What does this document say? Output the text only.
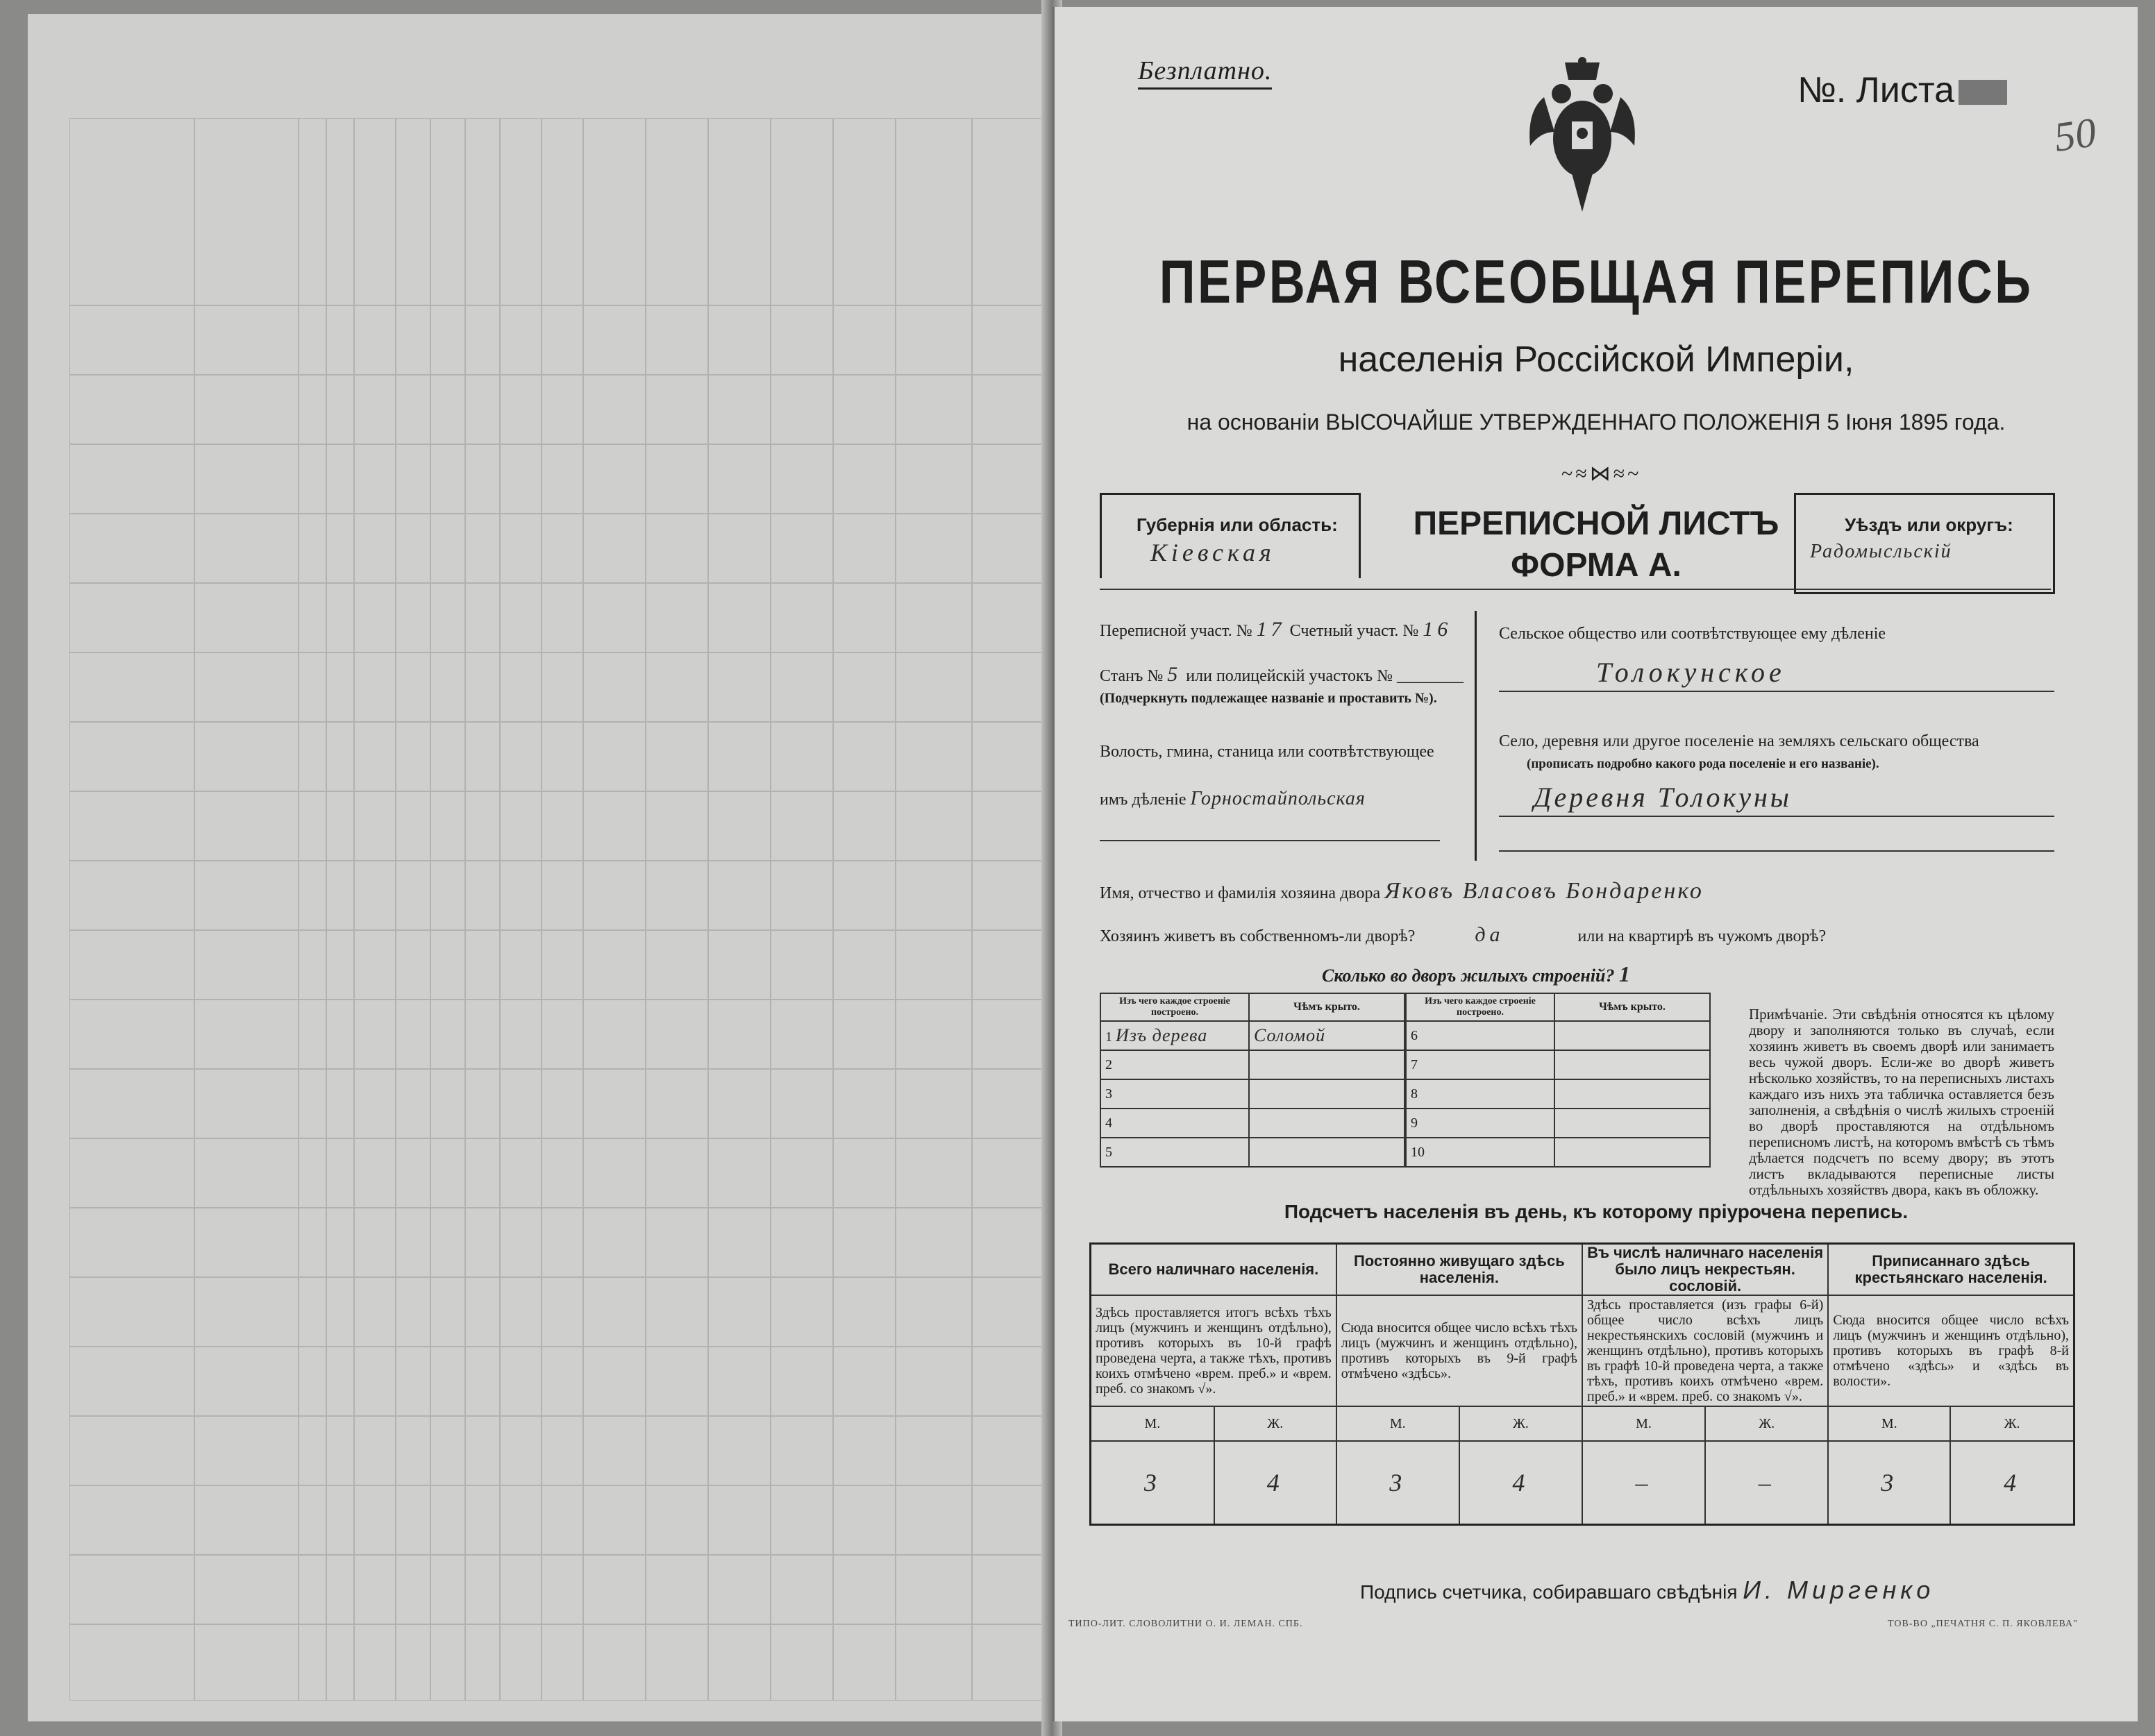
Безплатно.	№. Листа
50
ПЕРВАЯ ВСЕОБЩАЯ ПЕРЕПИСЬ
населенія Россійской Имперіи,
на основаніи ВЫСОЧАЙШЕ УТВЕРЖДЕННАГО ПОЛОЖЕНІЯ 5 Іюня 1895 года.
~≈⋈≈~
Губернія или область:
Кіевская
ПЕРЕПИСНОЙ ЛИСТЪ
ФОРМА А.
Уѣздъ или округъ:
Радомысльскій
Переписной участ. № 17 Счетный участ. № 16
Станъ № 5 или полицейскій участокъ № ________
(Подчеркнуть подлежащее названіе и проставить №).
Волость, гмина, станица или соотвѣтствующее
имъ дѣленіе Горностайпольская
Сельское общество или соотвѣтствующее ему дѣленіе
Толокунское
Село, деревня или другое поселеніе на земляхъ сельскаго общества
(прописать подробно какого рода поселеніе и его названіе).
Деревня Толокуны
Имя, отчество и фамилія хозяина двора Яковъ Власовъ Бондаренко
Хозяинъ живетъ въ собственномъ-ли дворѣ?	да	или на квартирѣ въ чужомъ дворѣ?
Сколько во дворъ жилыхъ строеній? 1
Изъ чего каждое строеніе построено.	Чѣмъ крыто.
1 Изъ дерева	Соломой
2	
3	
4	
5	
Изъ чего каждое строеніе построено.	Чѣмъ крыто.
6	
7	
8	
9	
10	
Примѣчаніе. Эти свѣдѣнія относятся къ цѣлому двору и заполняются только въ случаѣ, если хозяинъ живетъ въ своемъ дворѣ или занимаетъ весь чужой дворъ. Если-же во дворѣ живетъ нѣсколько хозяйствъ, то на переписныхъ листахъ каждаго изъ нихъ эта табличка оставляется безъ заполненія, а свѣдѣнія о числѣ жилыхъ строеній во дворѣ проставляются на отдѣльномъ переписномъ листѣ, на которомъ вмѣстѣ съ тѣмъ дѣлается подсчетъ по всему двору; въ этотъ листъ вкладываются переписные листы отдѣльныхъ хозяйствъ двора, какъ въ обложку.
Подсчетъ населенія въ день, къ которому пріурочена перепись.
Всего наличнаго населенія.		Постоянно живущаго здѣсь населенія.		Въ числѣ наличнаго населенія было лицъ некрестьян. сословій.		Приписаннаго здѣсь крестьянскаго населенія.	
Здѣсь проставляется итогъ всѣхъ тѣхъ лицъ (мужчинъ и женщинъ отдѣльно), противъ которыхъ въ 10-й графѣ проведена черта, а также тѣхъ, противъ коихъ отмѣчено «врем. преб.» и «врем. преб. со знакомъ √».		Сюда вносится общее число всѣхъ тѣхъ лицъ (мужчинъ и женщинъ отдѣльно), противъ которыхъ въ 9-й графѣ отмѣчено «здѣсь».		Здѣсь проставляется (изъ графы 6-й) общее число всѣхъ лицъ некрестьянскихъ сословій (мужчинъ и женщинъ отдѣльно), противъ которыхъ въ графѣ 10-й проведена черта, а также тѣхъ, противъ коихъ отмѣчено «врем. преб.» и «врем. преб. со знакомъ √».		Сюда вносится общее число всѣхъ лицъ (мужчинъ и женщинъ отдѣльно), противъ которыхъ въ графѣ 8-й отмѣчено «здѣсь» и «здѣсь въ волости».	
М.	Ж.	М.	Ж.	М.	Ж.	М.	Ж.
3	4	3	4	–	–	3	4
Подпись счетчика, собиравшаго свѣдѣнія И. Миргенко
ТИПО-ЛИТ. СЛОВОЛИТНИ О. И. ЛЕМАН. СПБ.	ТОВ-ВО „ПЕЧАТНЯ С. П. ЯКОВЛЕВА"
